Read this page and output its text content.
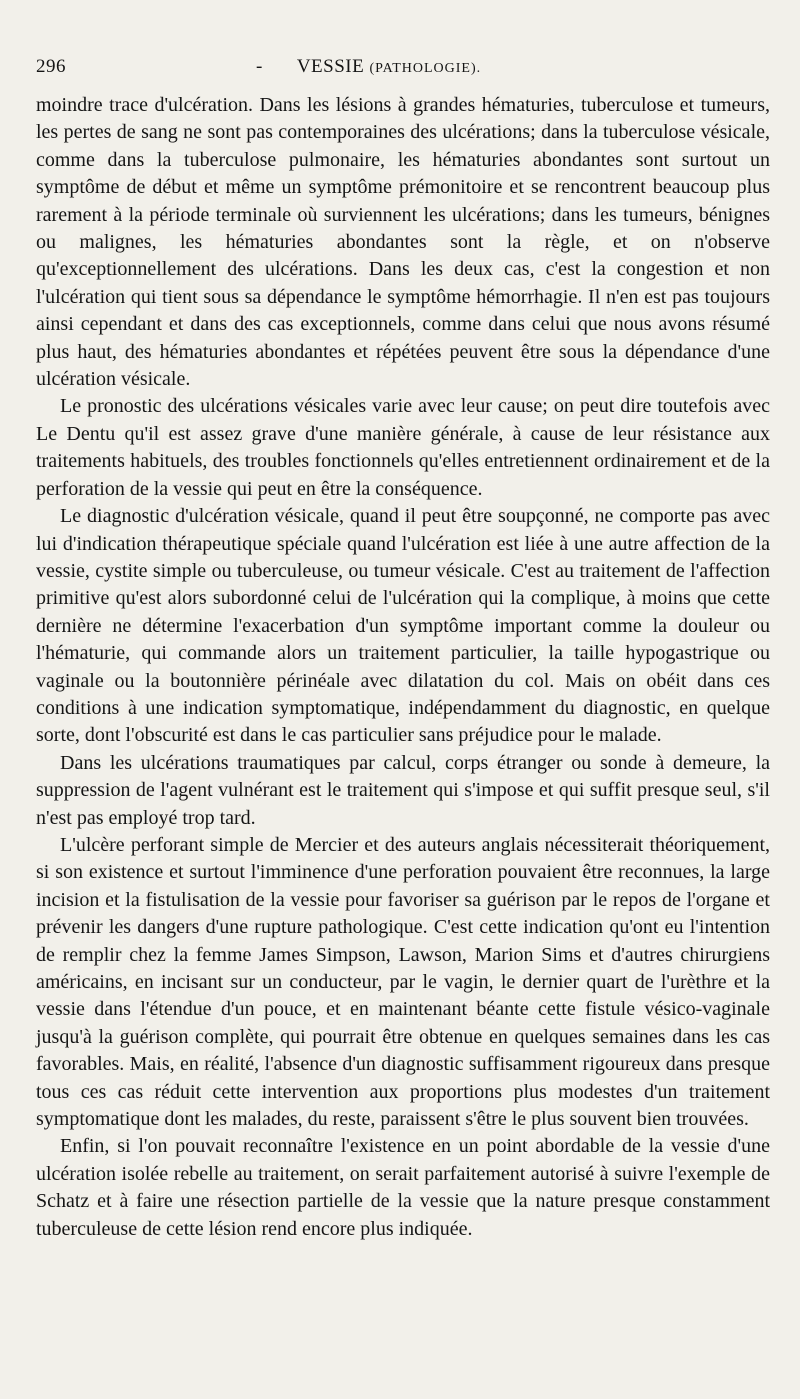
296	-	VESSIE (PATHOLOGIE).

moindre trace d'ulcération. Dans les lésions à grandes hématuries, tuberculose et tumeurs, les pertes de sang ne sont pas contemporaines des ulcérations; dans la tuberculose vésicale, comme dans la tuberculose pulmonaire, les hématuries abondantes sont surtout un symptôme de début et même un symptôme prémonitoire et se rencontrent beaucoup plus rarement à la période terminale où surviennent les ulcérations; dans les tumeurs, bénignes ou malignes, les hématuries abondantes sont la règle, et on n'observe qu'exceptionnellement des ulcérations. Dans les deux cas, c'est la congestion et non l'ulcération qui tient sous sa dépendance le symptôme hémorrhagie. Il n'en est pas toujours ainsi cependant et dans des cas exceptionnels, comme dans celui que nous avons résumé plus haut, des hématuries abondantes et répétées peuvent être sous la dépendance d'une ulcération vésicale.

Le pronostic des ulcérations vésicales varie avec leur cause; on peut dire toutefois avec Le Dentu qu'il est assez grave d'une manière générale, à cause de leur résistance aux traitements habituels, des troubles fonctionnels qu'elles entretiennent ordinairement et de la perforation de la vessie qui peut en être la conséquence.

Le diagnostic d'ulcération vésicale, quand il peut être soupçonné, ne comporte pas avec lui d'indication thérapeutique spéciale quand l'ulcération est liée à une autre affection de la vessie, cystite simple ou tuberculeuse, ou tumeur vésicale. C'est au traitement de l'affection primitive qu'est alors subordonné celui de l'ulcération qui la complique, à moins que cette dernière ne détermine l'exacerbation d'un symptôme important comme la douleur ou l'hématurie, qui commande alors un traitement particulier, la taille hypogastrique ou vaginale ou la boutonnière périnéale avec dilatation du col. Mais on obéit dans ces conditions à une indication symptomatique, indépendamment du diagnostic, en quelque sorte, dont l'obscurité est dans le cas particulier sans préjudice pour le malade.

Dans les ulcérations traumatiques par calcul, corps étranger ou sonde à demeure, la suppression de l'agent vulnérant est le traitement qui s'impose et qui suffit presque seul, s'il n'est pas employé trop tard.

L'ulcère perforant simple de Mercier et des auteurs anglais nécessiterait théoriquement, si son existence et surtout l'imminence d'une perforation pouvaient être reconnues, la large incision et la fistulisation de la vessie pour favoriser sa guérison par le repos de l'organe et prévenir les dangers d'une rupture pathologique. C'est cette indication qu'ont eu l'intention de remplir chez la femme James Simpson, Lawson, Marion Sims et d'autres chirurgiens américains, en incisant sur un conducteur, par le vagin, le dernier quart de l'urèthre et la vessie dans l'étendue d'un pouce, et en maintenant béante cette fistule vésico-vaginale jusqu'à la guérison complète, qui pourrait être obtenue en quelques semaines dans les cas favorables. Mais, en réalité, l'absence d'un diagnostic suffisamment rigoureux dans presque tous ces cas réduit cette intervention aux proportions plus modestes d'un traitement symptomatique dont les malades, du reste, paraissent s'être le plus souvent bien trouvées.

Enfin, si l'on pouvait reconnaître l'existence en un point abordable de la vessie d'une ulcération isolée rebelle au traitement, on serait parfaitement autorisé à suivre l'exemple de Schatz et à faire une résection partielle de la vessie que la nature presque constamment tuberculeuse de cette lésion rend encore plus indiquée.
